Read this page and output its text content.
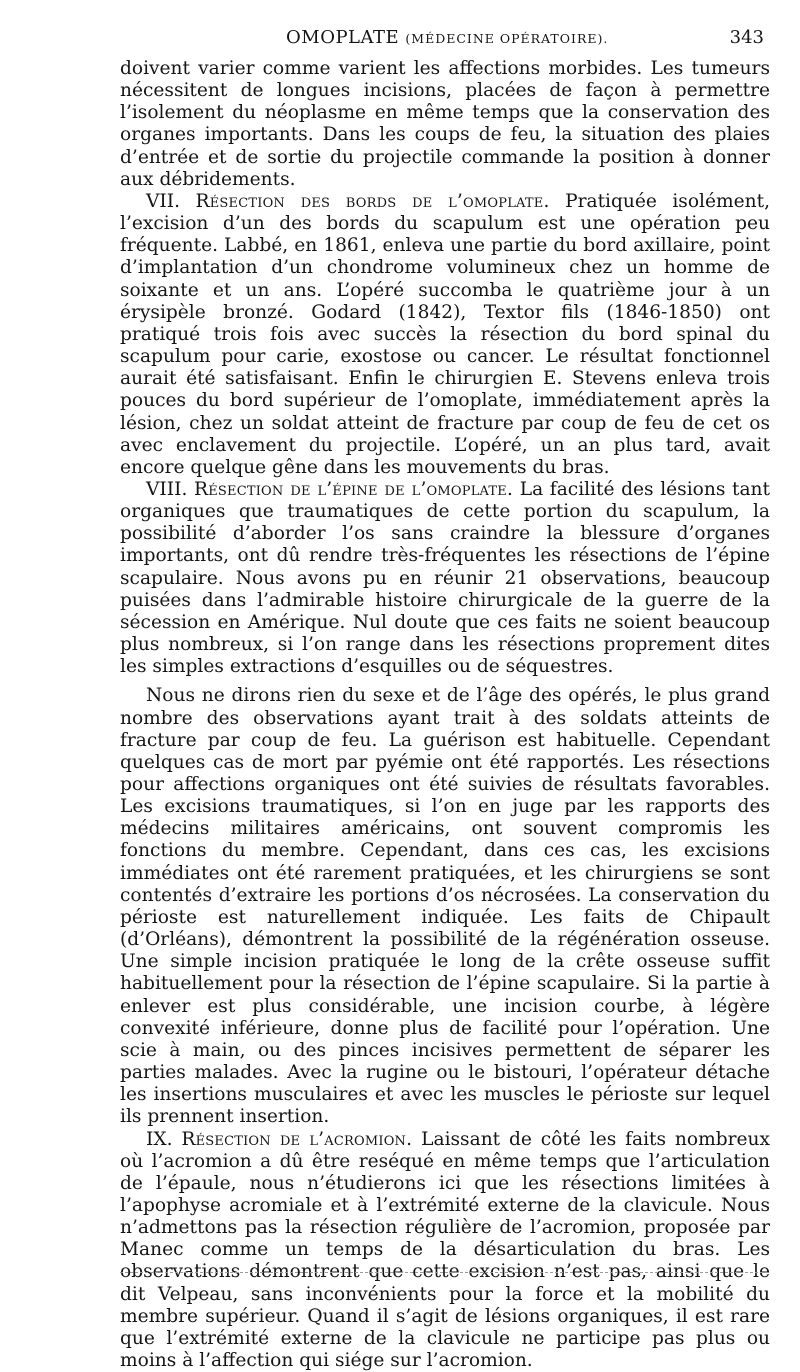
OMOPLATE (MÉDECINE OPÉRATOIRE).	343

doivent varier comme varient les affections morbides. Les tumeurs nécessitent de longues incisions, placées de façon à permettre l’isolement du néoplasme en même temps que la conservation des organes importants. Dans les coups de feu, la situation des plaies d’entrée et de sortie du projectile commande la position à donner aux débridements.

VII. Résection des bords de l’omoplate. Pratiquée isolément, l’excision d’un des bords du scapulum est une opération peu fréquente. Labbé, en 1861, enleva une partie du bord axillaire, point d’implantation d’un chondrome volumineux chez un homme de soixante et un ans. L’opéré succomba le quatrième jour à un érysipèle bronzé. Godard (1842), Textor fils (1846-1850) ont pratiqué trois fois avec succès la résection du bord spinal du scapulum pour carie, exostose ou cancer. Le résultat fonctionnel aurait été satisfaisant. Enfin le chirurgien E. Stevens enleva trois pouces du bord supérieur de l’omoplate, immédiatement après la lésion, chez un soldat atteint de fracture par coup de feu de cet os avec enclavement du projectile. L’opéré, un an plus tard, avait encore quelque gêne dans les mouvements du bras.

VIII. Résection de l’épine de l’omoplate. La facilité des lésions tant organiques que traumatiques de cette portion du scapulum, la possibilité d’aborder l’os sans craindre la blessure d’organes importants, ont dû rendre très-fréquentes les résections de l’épine scapulaire. Nous avons pu en réunir 21 observations, beaucoup puisées dans l’admirable histoire chirurgicale de la guerre de la sécession en Amérique. Nul doute que ces faits ne soient beaucoup plus nombreux, si l’on range dans les résections proprement dites les simples extractions d’esquilles ou de séquestres.

Nous ne dirons rien du sexe et de l’âge des opérés, le plus grand nombre des observations ayant trait à des soldats atteints de fracture par coup de feu. La guérison est habituelle. Cependant quelques cas de mort par pyémie ont été rapportés. Les résections pour affections organiques ont été suivies de résultats favorables. Les excisions traumatiques, si l’on en juge par les rapports des médecins militaires américains, ont souvent compromis les fonctions du membre. Cependant, dans ces cas, les excisions immédiates ont été rarement pratiquées, et les chirurgiens se sont contentés d’extraire les portions d’os nécrosées. La conservation du périoste est naturellement indiquée. Les faits de Chipault (d’Orléans), démontrent la possibilité de la régénération osseuse. Une simple incision pratiquée le long de la crête osseuse suffit habituellement pour la résection de l’épine scapulaire. Si la partie à enlever est plus considérable, une incision courbe, à légère convexité inférieure, donne plus de facilité pour l’opération. Une scie à main, ou des pinces incisives permettent de séparer les parties malades. Avec la rugine ou le bistouri, l’opérateur détache les insertions musculaires et avec les muscles le périoste sur lequel ils prennent insertion.

IX. Résection de l’acromion. Laissant de côté les faits nombreux où l’acromion a dû être reséqué en même temps que l’articulation de l’épaule, nous n’étudierons ici que les résections limitées à l’apophyse acromiale et à l’extrémité externe de la clavicule. Nous n’admettons pas la résection régulière de l’acromion, proposée par Manec comme un temps de la désarticulation du bras. Les observations démontrent que cette excision n’est pas, ainsi que le dit Velpeau, sans inconvénients pour la force et la mobilité du membre supérieur. Quand il s’agit de lésions organiques, il est rare que l’extrémité externe de la clavicule ne participe pas plus ou moins à l’affection qui siége sur l’acromion.
